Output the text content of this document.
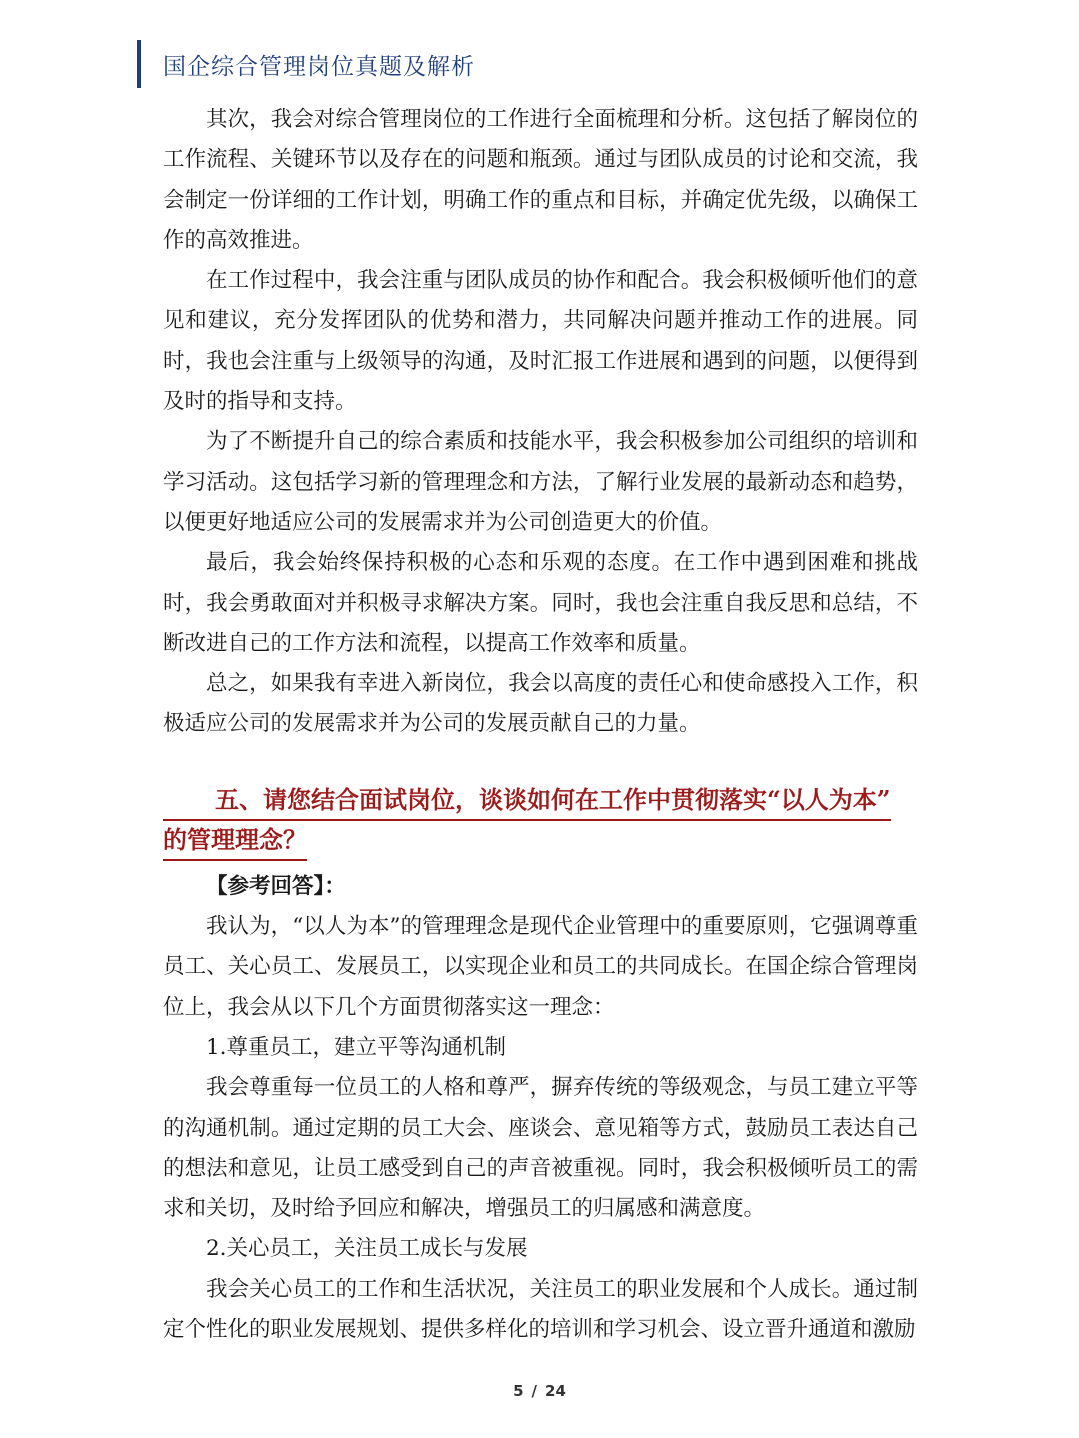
国企综合管理岗位真题及解析

其次，我会对综合管理岗位的工作进行全面梳理和分析。这包括了解岗位的工作流程、关键环节以及存在的问题和瓶颈。通过与团队成员的讨论和交流，我会制定一份详细的工作计划，明确工作的重点和目标，并确定优先级，以确保工作的高效推进。

在工作过程中，我会注重与团队成员的协作和配合。我会积极倾听他们的意见和建议，充分发挥团队的优势和潜力，共同解决问题并推动工作的进展。同时，我也会注重与上级领导的沟通，及时汇报工作进展和遇到的问题，以便得到及时的指导和支持。

为了不断提升自己的综合素质和技能水平，我会积极参加公司组织的培训和学习活动。这包括学习新的管理理念和方法，了解行业发展的最新动态和趋势，以便更好地适应公司的发展需求并为公司创造更大的价值。

最后，我会始终保持积极的心态和乐观的态度。在工作中遇到困难和挑战时，我会勇敢面对并积极寻求解决方案。同时，我也会注重自我反思和总结，不断改进自己的工作方法和流程，以提高工作效率和质量。

总之，如果我有幸进入新岗位，我会以高度的责任心和使命感投入工作，积极适应公司的发展需求并为公司的发展贡献自己的力量。

五、请您结合面试岗位，谈谈如何在工作中贯彻落实“以人为本”
的管理理念？

【参考回答】：

我认为，“以人为本”的管理理念是现代企业管理中的重要原则，它强调尊重员工、关心员工、发展员工，以实现企业和员工的共同成长。在国企综合管理岗位上，我会从以下几个方面贯彻落实这一理念：

1.尊重员工，建立平等沟通机制

我会尊重每一位员工的人格和尊严，摒弃传统的等级观念，与员工建立平等的沟通机制。通过定期的员工大会、座谈会、意见箱等方式，鼓励员工表达自己的想法和意见，让员工感受到自己的声音被重视。同时，我会积极倾听员工的需求和关切，及时给予回应和解决，增强员工的归属感和满意度。

2.关心员工，关注员工成长与发展

我会关心员工的工作和生活状况，关注员工的职业发展和个人成长。通过制定个性化的职业发展规划、提供多样化的培训和学习机会、设立晋升通道和激励

5 / 24
